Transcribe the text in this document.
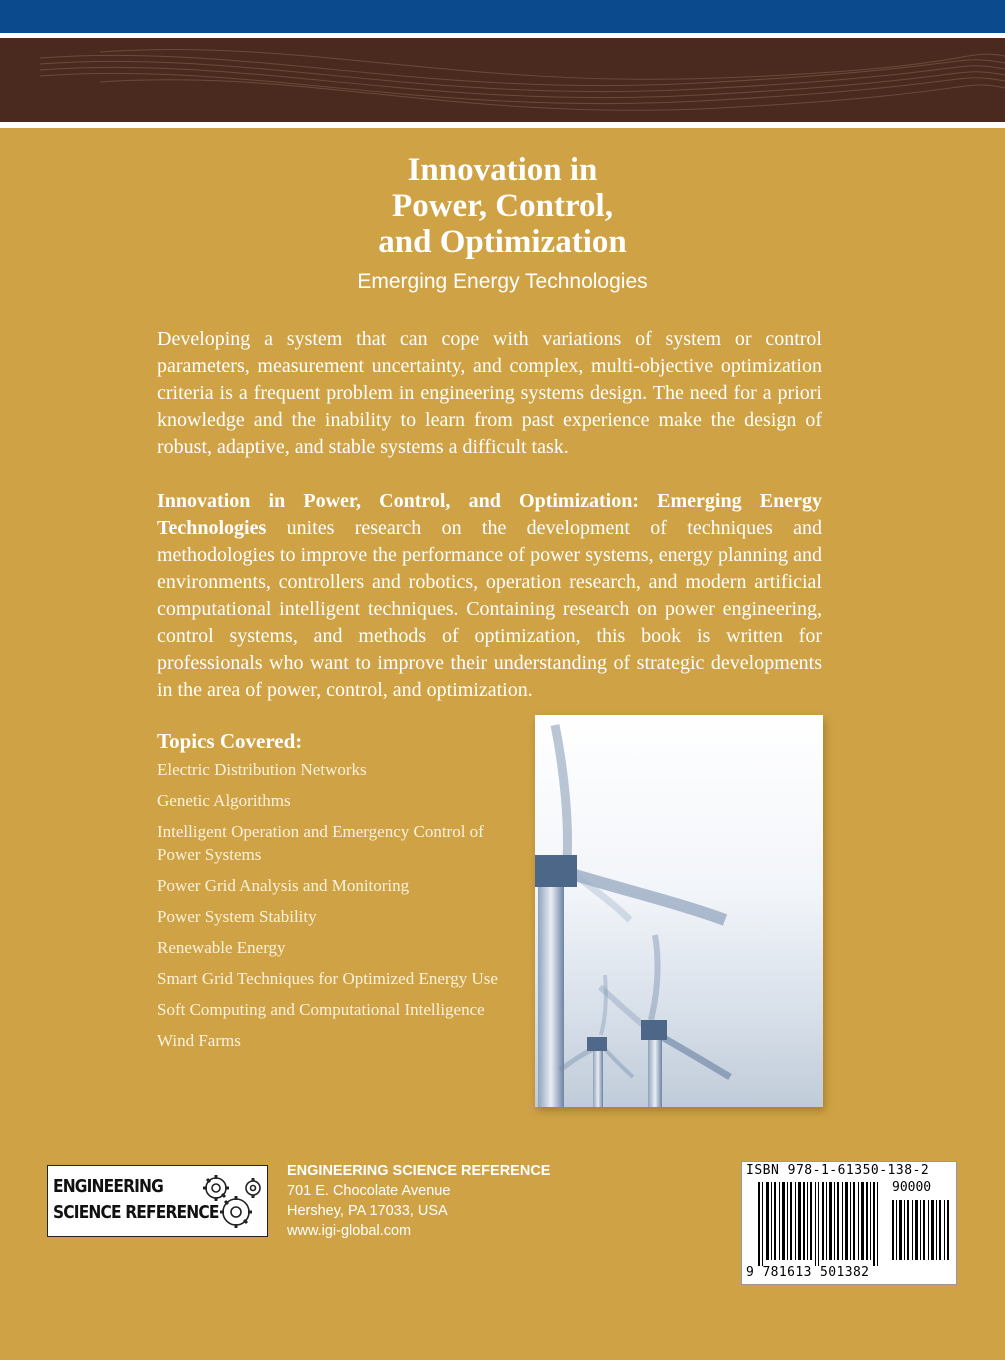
Innovation in
Power, Control,
and Optimization
Emerging Energy Technologies

Developing a system that can cope with variations of system or control parameters, measurement uncertainty, and complex, multi-objective optimization criteria is a frequent problem in engineering systems design. The need for a priori knowledge and the inability to learn from past experience make the design of robust, adaptive, and stable systems a difficult task.

Innovation in Power, Control, and Optimization: Emerging Energy Technologies unites research on the development of techniques and methodologies to improve the performance of power systems, energy planning and environments, controllers and robotics, operation research, and modern artificial computational intelligent techniques. Containing research on power engineering, control systems, and methods of optimization, this book is written for professionals who want to improve their understanding of strategic developments in the area of power, control, and optimization.

Topics Covered:
Electric Distribution Networks
Genetic Algorithms
Intelligent Operation and Emergency Control of Power Systems
Power Grid Analysis and Monitoring
Power System Stability
Renewable Energy
Smart Grid Techniques for Optimized Energy Use
Soft Computing and Computational Intelligence
Wind Farms
ENGINEERING
SCIENCE REFERENCE
ENGINEERING SCIENCE REFERENCE
701 E. Chocolate Avenue
Hershey, PA 17033, USA
www.igi-global.com
ISBN 978-1-61350-138-2
90000
9 781613 501382
